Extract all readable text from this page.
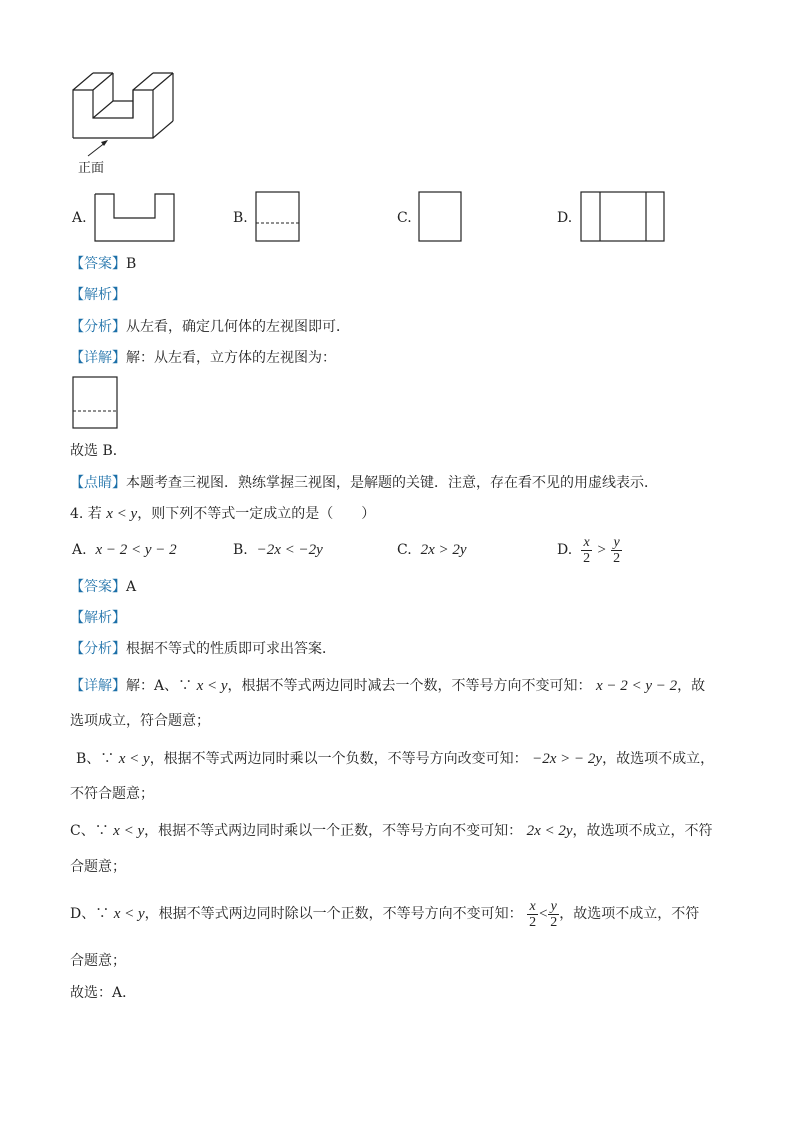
正面
A.	B.	C.	D.
【答案】B
【解析】
【分析】从左看，确定几何体的左视图即可．
【详解】解：从左看，立方体的左视图为：
故选 B．
【点睛】本题考查三视图．熟练掌握三视图，是解题的关键．注意，存在看不见的用虚线表示．
4. 若 x < y，则下列不等式一定成立的是（　　）
A. x − 2 < y − 2	B. −2x < −2y	C. 2x > 2y	D. $\frac{x}{2} > \frac{y}{2}$
【答案】A
【解析】
【分析】根据不等式的性质即可求出答案．
【详解】解：A、∵ x < y，根据不等式两边同时减去一个数，不等号方向不变可知： x − 2 < y − 2，故
选项成立，符合题意；
B、∵ x < y，根据不等式两边同时乘以一个负数，不等号方向改变可知： −2x > − 2y，故选项不成立，
不符合题意；
C、∵ x < y，根据不等式两边同时乘以一个正数，不等号方向不变可知： 2x < 2y，故选项不成立，不符
合题意；
D、∵ x < y，根据不等式两边同时除以一个正数，不等号方向不变可知： $\frac{x}{2} < \frac{y}{2}$ ，故选项不成立，不符
合题意；
故选：A．
